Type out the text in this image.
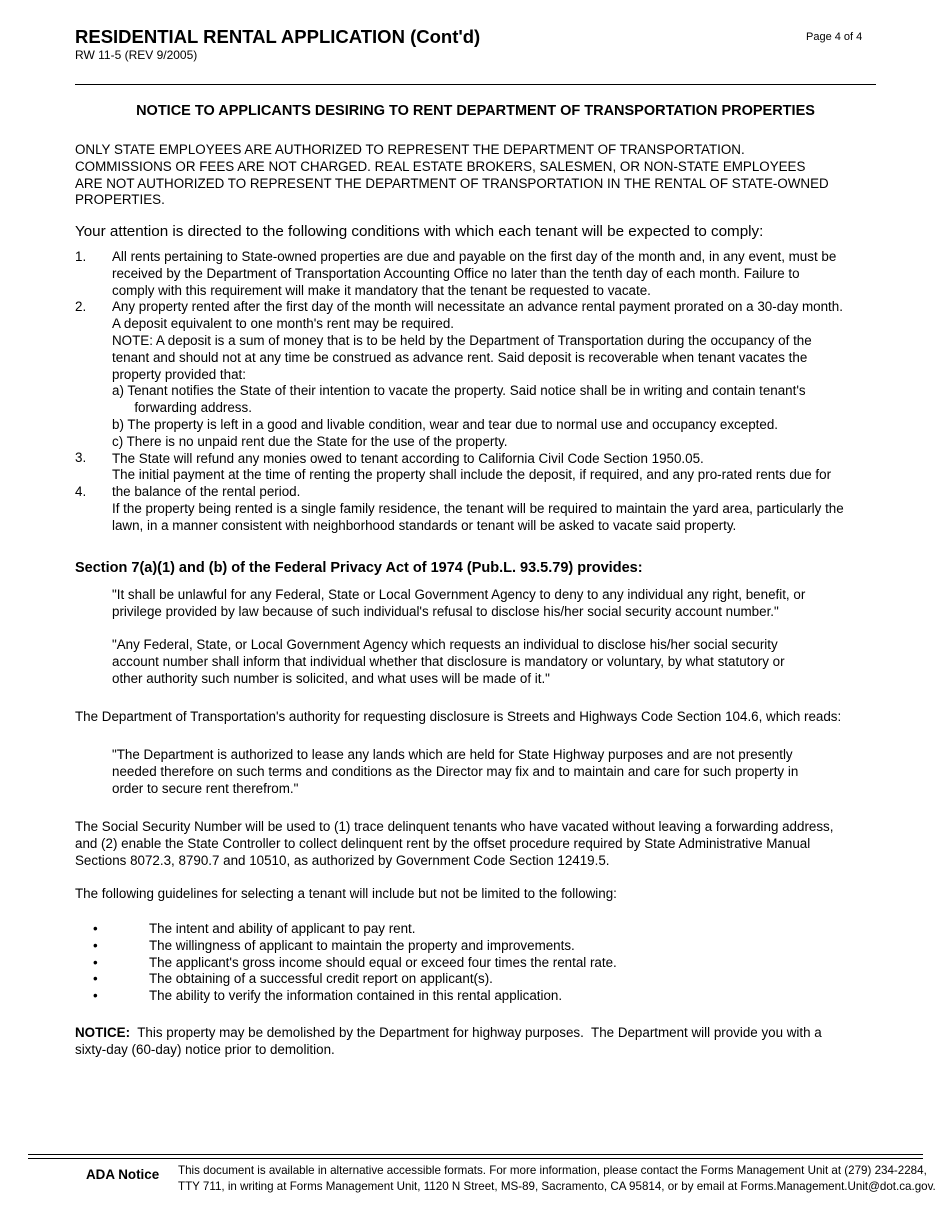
RESIDENTIAL RENTAL APPLICATION (Cont'd)
RW 11-5 (REV 9/2005)
Page 4 of 4
NOTICE TO APPLICANTS DESIRING TO RENT DEPARTMENT OF TRANSPORTATION PROPERTIES
ONLY STATE EMPLOYEES ARE AUTHORIZED TO REPRESENT THE DEPARTMENT OF TRANSPORTATION.
COMMISSIONS OR FEES ARE NOT CHARGED. REAL ESTATE BROKERS, SALESMEN, OR NON-STATE EMPLOYEES
ARE NOT AUTHORIZED TO REPRESENT THE DEPARTMENT OF TRANSPORTATION IN THE RENTAL OF STATE-OWNED
PROPERTIES.
Your attention is directed to the following conditions with which each tenant will be expected to comply:
1.
2.
3.
4.
All rents pertaining to State-owned properties are due and payable on the first day of the month and, in any event, must be
received by the Department of Transportation Accounting Office no later than the tenth day of each month. Failure to
comply with this requirement will make it mandatory that the tenant be requested to vacate.
Any property rented after the first day of the month will necessitate an advance rental payment prorated on a 30-day month.
A deposit equivalent to one month's rent may be required.
NOTE: A deposit is a sum of money that is to be held by the Department of Transportation during the occupancy of the
tenant and should not at any time be construed as advance rent. Said deposit is recoverable when tenant vacates the
property provided that:
a) Tenant notifies the State of their intention to vacate the property. Said notice shall be in writing and contain tenant's
forwarding address.
b) The property is left in a good and livable condition, wear and tear due to normal use and occupancy excepted.
c) There is no unpaid rent due the State for the use of the property.
The State will refund any monies owed to tenant according to California Civil Code Section 1950.05.
The initial payment at the time of renting the property shall include the deposit, if required, and any pro-rated rents due for
the balance of the rental period.
If the property being rented is a single family residence, the tenant will be required to maintain the yard area, particularly the
lawn, in a manner consistent with neighborhood standards or tenant will be asked to vacate said property.
Section 7(a)(1) and (b) of the Federal Privacy Act of 1974 (Pub.L. 93.5.79) provides:
"It shall be unlawful for any Federal, State or Local Government Agency to deny to any individual any right, benefit, or
privilege provided by law because of such individual's refusal to disclose his/her social security account number."
"Any Federal, State, or Local Government Agency which requests an individual to disclose his/her social security
account number shall inform that individual whether that disclosure is mandatory or voluntary, by what statutory or
other authority such number is solicited, and what uses will be made of it."
The Department of Transportation's authority for requesting disclosure is Streets and Highways Code Section 104.6, which reads:
"The Department is authorized to lease any lands which are held for State Highway purposes and are not presently
needed therefore on such terms and conditions as the Director may fix and to maintain and care for such property in
order to secure rent therefrom."
The Social Security Number will be used to (1) trace delinquent tenants who have vacated without leaving a forwarding address,
and (2) enable the State Controller to collect delinquent rent by the offset procedure required by State Administrative Manual
Sections 8072.3, 8790.7 and 10510, as authorized by Government Code Section 12419.5.
The following guidelines for selecting a tenant will include but not be limited to the following:
•	The intent and ability of applicant to pay rent.
•	The willingness of applicant to maintain the property and improvements.
•	The applicant's gross income should equal or exceed four times the rental rate.
•	The obtaining of a successful credit report on applicant(s).
•	The ability to verify the information contained in this rental application.
NOTICE:  This property may be demolished by the Department for highway purposes.  The Department will provide you with a
sixty-day (60-day) notice prior to demolition.
ADA Notice This document is available in alternative accessible formats. For more information, please contact the Forms Management Unit at (279) 234-2284,
TTY 711, in writing at Forms Management Unit, 1120 N Street, MS-89, Sacramento, CA 95814, or by email at Forms.Management.Unit@dot.ca.gov.
